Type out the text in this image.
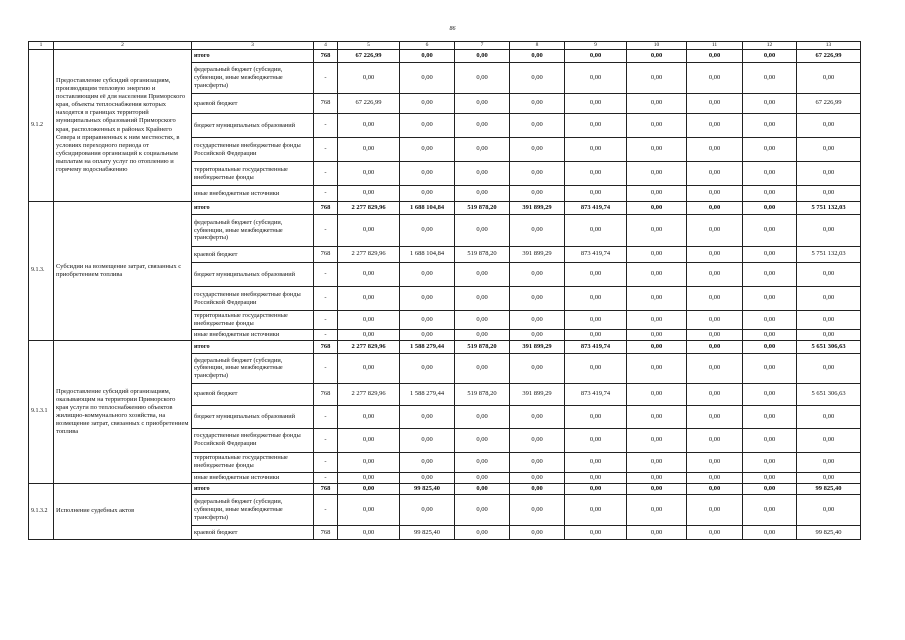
86
1	2	3	4	5	6	7	8	9	10	11	12	13
9.1.2	Предоставление субсидий организациям, производящим тепловую энергию и поставляющим её для населения Приморского края, объекты теплоснабжения которых находятся в границах территорий муниципальных образований Приморского края, расположенных в районах Крайнего Севера и приравненных к ним местностях, в условиях переходного периода от субсидирования организаций к социальным выплатам на оплату услуг по отоплению и горячему водоснабжению	итого	768	67 226,99	0,00	0,00	0,00	0,00	0,00	0,00	0,00	67 226,99
		федеральный бюджет (субсидии, субвенции, иные межбюджетные трансферты)	-	0,00	0,00	0,00	0,00	0,00	0,00	0,00	0,00	0,00
		краевой бюджет	768	67 226,99	0,00	0,00	0,00	0,00	0,00	0,00	0,00	67 226,99
		бюджет муниципальных образований	-	0,00	0,00	0,00	0,00	0,00	0,00	0,00	0,00	0,00
		государственные внебюджетные фонды Российской Федерации	-	0,00	0,00	0,00	0,00	0,00	0,00	0,00	0,00	0,00
		территориальные государственные внебюджетные фонды	-	0,00	0,00	0,00	0,00	0,00	0,00	0,00	0,00	0,00
		иные внебюджетные источники	-	0,00	0,00	0,00	0,00	0,00	0,00	0,00	0,00	0,00
9.1.3.	Субсидии на возмещение затрат, связанных с приобретением топлива	итого	768	2 277 829,96	1 688 104,84	519 878,20	391 899,29	873 419,74	0,00	0,00	0,00	5 751 132,03
		федеральный бюджет (субсидии, субвенции, иные межбюджетные трансферты)	-	0,00	0,00	0,00	0,00	0,00	0,00	0,00	0,00	0,00
		краевой бюджет	768	2 277 829,96	1 688 104,84	519 878,20	391 899,29	873 419,74	0,00	0,00	0,00	5 751 132,03
		бюджет муниципальных образований	-	0,00	0,00	0,00	0,00	0,00	0,00	0,00	0,00	0,00
		государственные внебюджетные фонды Российской Федерации	-	0,00	0,00	0,00	0,00	0,00	0,00	0,00	0,00	0,00
		территориальные государственные внебюджетные фонды	-	0,00	0,00	0,00	0,00	0,00	0,00	0,00	0,00	0,00
		иные внебюджетные источники	-	0,00	0,00	0,00	0,00	0,00	0,00	0,00	0,00	0,00
9.1.3.1	Предоставление субсидий организациям, оказывающим на территории Приморского края услуги по теплоснабжению объектов жилищно-коммунального хозяйства, на возмещение затрат, связанных с приобретением топлива	итого	768	2 277 829,96	1 588 279,44	519 878,20	391 899,29	873 419,74	0,00	0,00	0,00	5 651 306,63
		федеральный бюджет (субсидии, субвенции, иные межбюджетные трансферты)	-	0,00	0,00	0,00	0,00	0,00	0,00	0,00	0,00	0,00
		краевой бюджет	768	2 277 829,96	1 588 279,44	519 878,20	391 899,29	873 419,74	0,00	0,00	0,00	5 651 306,63
		бюджет муниципальных образований	-	0,00	0,00	0,00	0,00	0,00	0,00	0,00	0,00	0,00
		государственные внебюджетные фонды Российской Федерации	-	0,00	0,00	0,00	0,00	0,00	0,00	0,00	0,00	0,00
		территориальные государственные внебюджетные фонды	-	0,00	0,00	0,00	0,00	0,00	0,00	0,00	0,00	0,00
		иные внебюджетные источники	-	0,00	0,00	0,00	0,00	0,00	0,00	0,00	0,00	0,00
9.1.3.2	Исполнение судебных актов	итого	768	0,00	99 825,40	0,00	0,00	0,00	0,00	0,00	0,00	99 825,40
		федеральный бюджет (субсидии, субвенции, иные межбюджетные трансферты)	-	0,00	0,00	0,00	0,00	0,00	0,00	0,00	0,00	0,00
		краевой бюджет	768	0,00	99 825,40	0,00	0,00	0,00	0,00	0,00	0,00	99 825,40
